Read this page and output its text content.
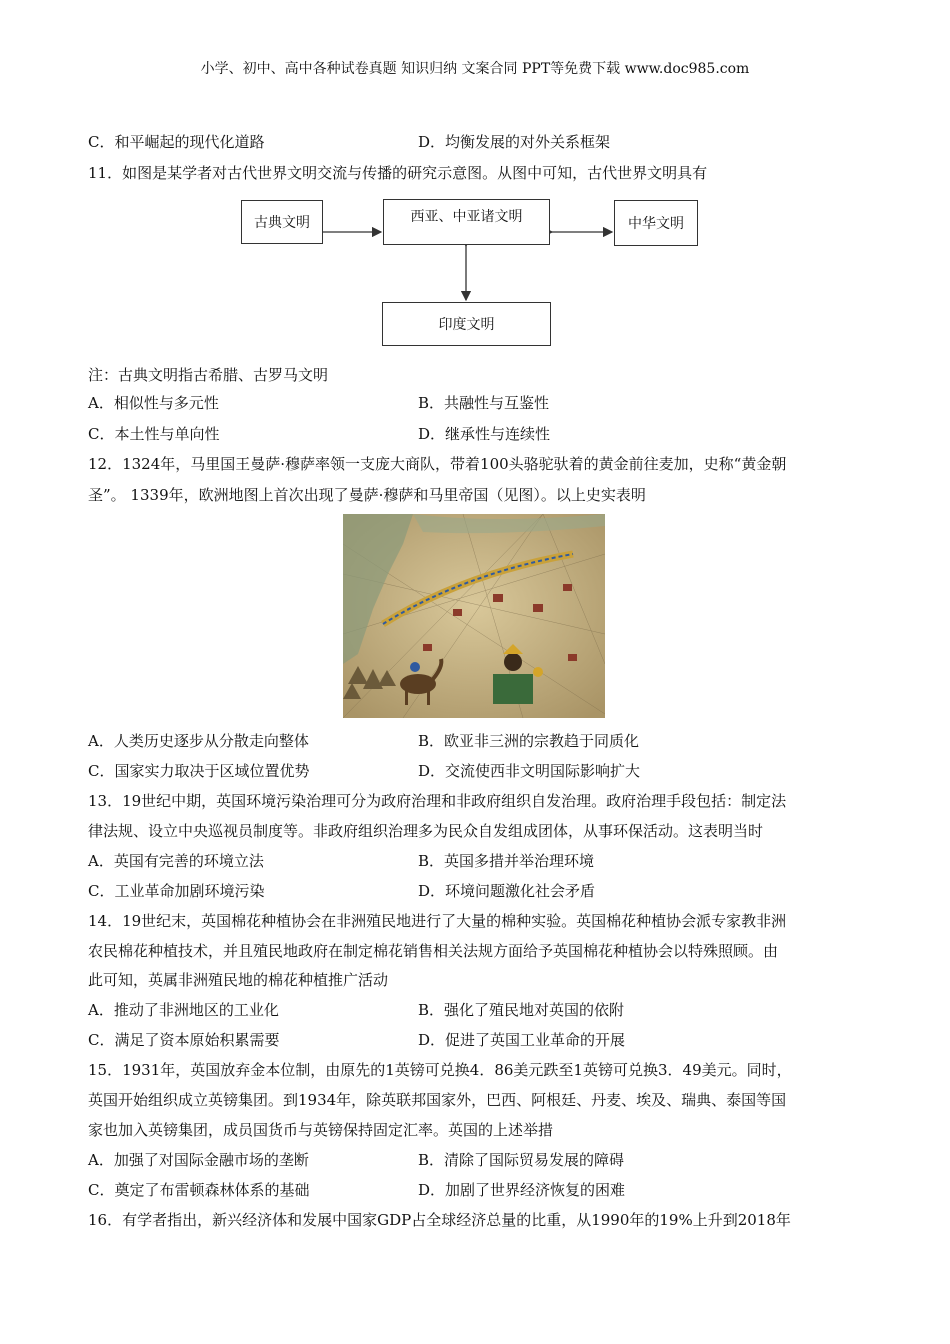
小学、初中、高中各种试卷真题 知识归纳 文案合同 PPT等免费下载 www.doc985.com
C．和平崛起的现代化道路	D．均衡发展的对外关系框架
11．如图是某学者对古代世界文明交流与传播的研究示意图。从图中可知，古代世界文明具有
古典文明	西亚、中亚诸文明	中华文明
印度文明
注：古典文明指古希腊、古罗马文明
A．相似性与多元性	B．共融性与互鉴性
C．本土性与单向性	D．继承性与连续性
12．1324年，马里国王曼萨·穆萨率领一支庞大商队，带着100头骆驼驮着的黄金前往麦加，史称“黄金朝
圣”。 1339年，欧洲地图上首次出现了曼萨·穆萨和马里帝国（见图）。以上史实表明
A．人类历史逐步从分散走向整体	B．欧亚非三洲的宗教趋于同质化
C．国家实力取决于区域位置优势	D．交流使西非文明国际影响扩大
13．19世纪中期，英国环境污染治理可分为政府治理和非政府组织自发治理。政府治理手段包括：制定法
律法规、设立中央巡视员制度等。非政府组织治理多为民众自发组成团体，从事环保活动。这表明当时
A．英国有完善的环境立法	B．英国多措并举治理环境
C．工业革命加剧环境污染	D．环境问题激化社会矛盾
14．19世纪末，英国棉花种植协会在非洲殖民地进行了大量的棉种实验。英国棉花种植协会派专家教非洲
农民棉花种植技术，并且殖民地政府在制定棉花销售相关法规方面给予英国棉花种植协会以特殊照顾。由
此可知，英属非洲殖民地的棉花种植推广活动
A．推动了非洲地区的工业化	B．强化了殖民地对英国的依附
C．满足了资本原始积累需要	D．促进了英国工业革命的开展
15．1931年，英国放弃金本位制，由原先的1英镑可兑换4．86美元跌至1英镑可兑换3．49美元。同时，
英国开始组织成立英镑集团。到1934年，除英联邦国家外，巴西、阿根廷、丹麦、埃及、瑞典、泰国等国
家也加入英镑集团，成员国货币与英镑保持固定汇率。英国的上述举措
A．加强了对国际金融市场的垄断	B．清除了国际贸易发展的障碍
C．奠定了布雷顿森林体系的基础	D．加剧了世界经济恢复的困难
16．有学者指出，新兴经济体和发展中国家GDP占全球经济总量的比重，从1990年的19%上升到2018年
